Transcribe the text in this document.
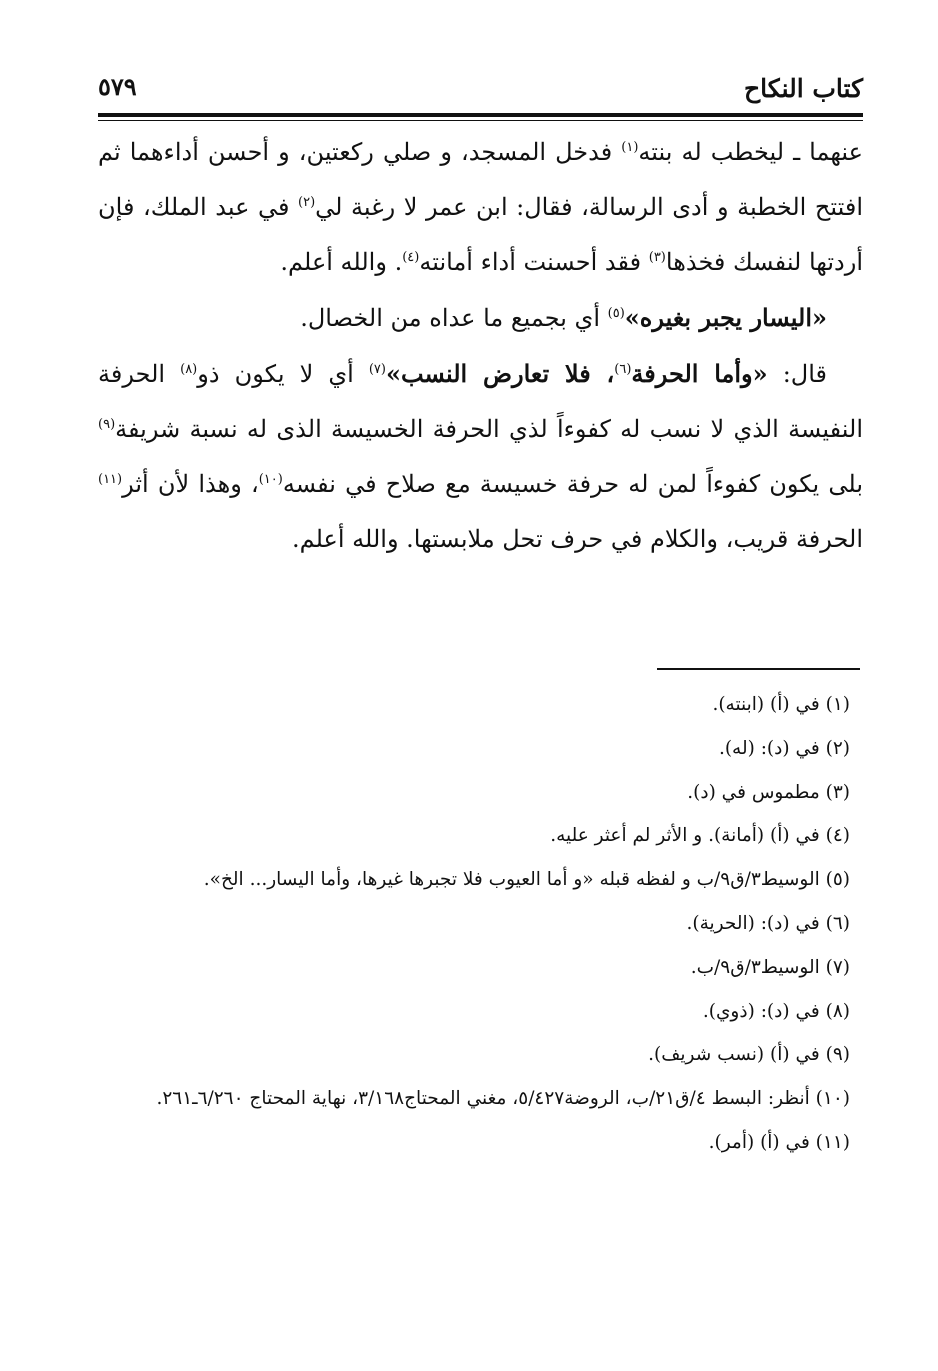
كتاب النكاح
٥٧٩

عنهما ـ ليخطب له بنته$^{(١)}$ فدخل المسجد، و صلي ركعتين، و أحسن أداءهما ثم افتتح الخطبة و أدى الرسالة، فقال: ابن عمر لا رغبة لي$^{(٢)}$ في عبد الملك، فإن أردتها لنفسك فخذها$^{(٣)}$ فقد أحسنت أداء أمانته$^{(٤)}$. والله أعلم.

«اليسار يجبر بغيره»$^{(٥)}$ أي بجميع ما عداه من الخصال.

قال: «وأما الحرفة$^{(٦)}$، فلا تعارض النسب»$^{(٧)}$ أي لا يكون ذو$^{(٨)}$ الحرفة النفيسة الذي لا نسب له كفوءاً لذي الحرفة الخسيسة الذى له نسبة شريفة$^{(٩)}$ بلى يكون كفوءاً لمن له حرفة خسيسة مع صلاح في نفسه$^{(١٠)}$، وهذا لأن أثر$^{(١١)}$ الحرفة قريب، والكلام في حرف تحل ملابستها. والله أعلم.

(١) في (أ) (ابنته).
(٢) في (د): (له).
(٣) مطموس في (د).
(٤) في (أ) (أمانة). و الأثر لم أعثر عليه.
(٥) الوسيط٣/ق٩/ب و لفظه قبله «و أما العيوب فلا تجبرها غيرها، وأما اليسار... الخ».
(٦) في (د): (الحرية).
(٧) الوسيط٣/ق٩/ب.
(٨) في (د): (ذوي).
(٩) في (أ) (نسب شريف).
(١٠) أنظر: البسط ٤/ق٢١/ب، الروضة٥/٤٢٧، مغني المحتاج٣/١٦٨، نهاية المحتاج ٦/٢٦٠ـ٢٦١.
(١١) في (أ) (أمر).
